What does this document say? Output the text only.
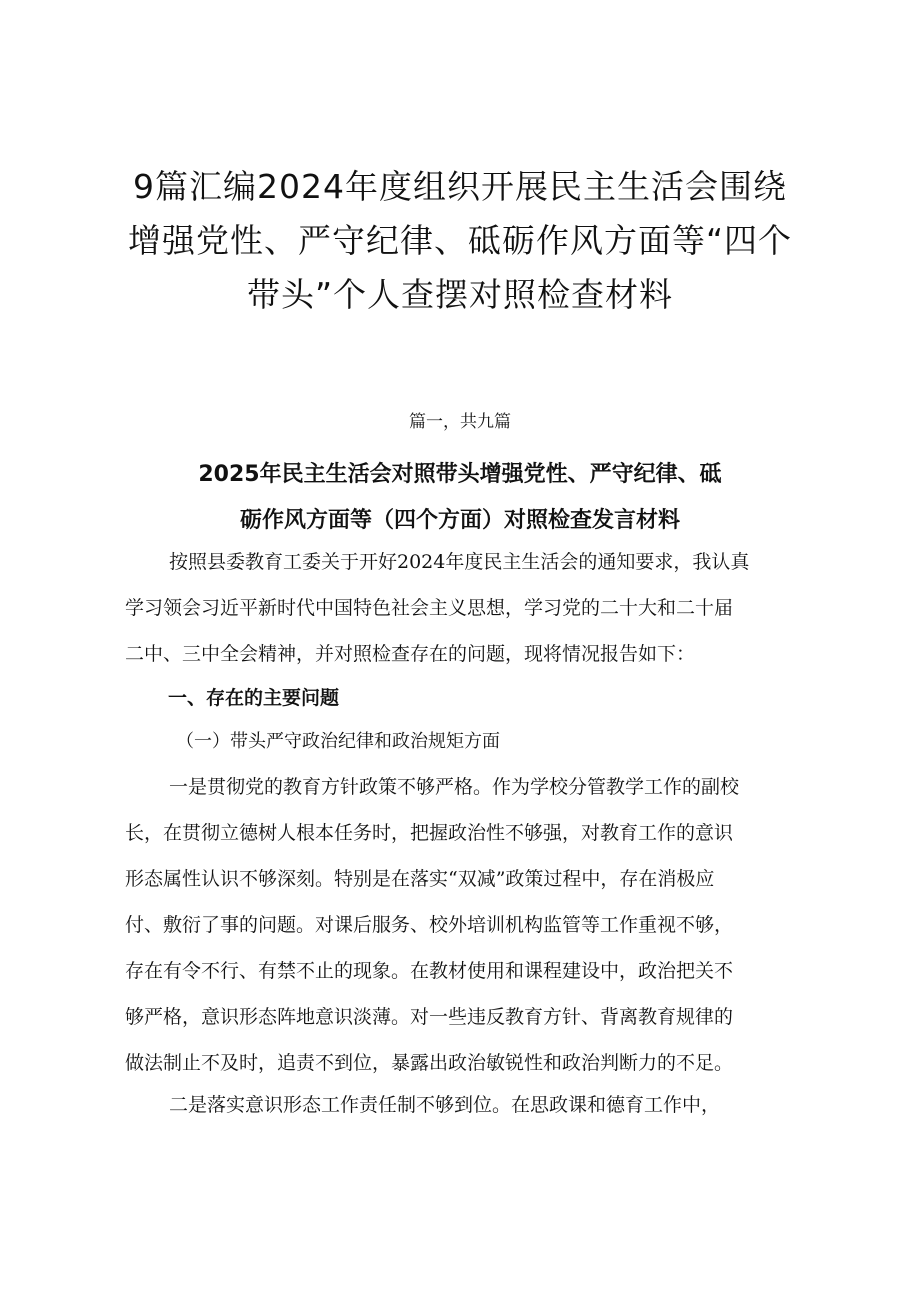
9篇汇编2024年度组织开展民主生活会围绕
增强党性、严守纪律、砥砺作风方面等“四个
带头”个人查摆对照检查材料
篇一，共九篇
2025年民主生活会对照带头增强党性、严守纪律、砥
砺作风方面等（四个方面）对照检查发言材料
按照县委教育工委关于开好2024年度民主生活会的通知要求，我认真
学习领会习近平新时代中国特色社会主义思想，学习党的二十大和二十届
二中、三中全会精神，并对照检查存在的问题，现将情况报告如下：
一、存在的主要问题
（一）带头严守政治纪律和政治规矩方面
一是贯彻党的教育方针政策不够严格。作为学校分管教学工作的副校
长，在贯彻立德树人根本任务时，把握政治性不够强，对教育工作的意识
形态属性认识不够深刻。特别是在落实“双减”政策过程中，存在消极应
付、敷衍了事的问题。对课后服务、校外培训机构监管等工作重视不够，
存在有令不行、有禁不止的现象。在教材使用和课程建设中，政治把关不
够严格，意识形态阵地意识淡薄。对一些违反教育方针、背离教育规律的
做法制止不及时，追责不到位，暴露出政治敏锐性和政治判断力的不足。
二是落实意识形态工作责任制不够到位。在思政课和德育工作中，
